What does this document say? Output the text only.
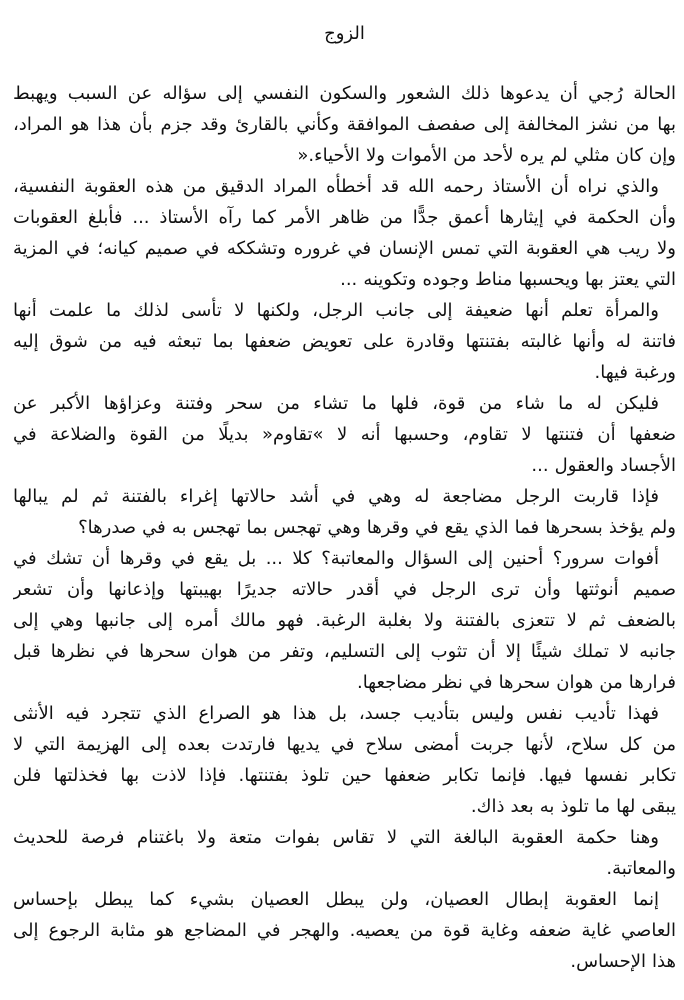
الزوج

الحالة رُجي أن يدعوها ذلك الشعور والسكون النفسي إلى سؤاله عن السبب ويهبط
بها من نشز المخالفة إلى صفصف الموافقة وكأني بالقارئ وقد جزم بأن هذا هو المراد،
وإن كان مثلي لم يره لأحد من الأموات ولا الأحياء.«

والذي نراه أن الأستاذ رحمه الله قد أخطأه المراد الدقيق من هذه العقوبة النفسية،
وأن الحكمة في إيثارها أعمق جدًّا من ظاهر الأمر كما رآه الأستاذ ... فأبلغ العقوبات
ولا ريب هي العقوبة التي تمس الإنسان في غروره وتشككه في صميم كيانه؛ في المزية
التي يعتز بها ويحسبها مناط وجوده وتكوينه ...

والمرأة تعلم أنها ضعيفة إلى جانب الرجل، ولكنها لا تأسى لذلك ما علمت أنها
فاتنة له وأنها غالبته بفتنتها وقادرة على تعويض ضعفها بما تبعثه فيه من شوق إليه
ورغبة فيها.

فليكن له ما شاء من قوة، فلها ما تشاء من سحر وفتنة وعزاؤها الأكبر عن
ضعفها أن فتنتها لا تقاوم، وحسبها أنه لا »تقاوم« بديلًا من القوة والضلاعة في
الأجساد والعقول ...

فإذا قاربت الرجل مضاجعة له وهي في أشد حالاتها إغراء بالفتنة ثم لم يبالها
ولم يؤخذ بسحرها فما الذي يقع في وقرها وهي تهجس بما تهجس به في صدرها؟

أفوات سرور؟ أحنين إلى السؤال والمعاتبة؟ كلا ... بل يقع في وقرها أن تشك في
صميم أنوثتها وأن ترى الرجل في أقدر حالاته جديرًا بهيبتها وإذعانها وأن تشعر
بالضعف ثم لا تتعزى بالفتنة ولا بغلبة الرغبة. فهو مالك أمره إلى جانبها وهي إلى
جانبه لا تملك شيئًا إلا أن تثوب إلى التسليم، وتفر من هوان سحرها في نظرها قبل
فرارها من هوان سحرها في نظر مضاجعها.

فهذا تأديب نفس وليس بتأديب جسد، بل هذا هو الصراع الذي تتجرد فيه الأنثى
من كل سلاح، لأنها جربت أمضى سلاح في يديها فارتدت بعده إلى الهزيمة التي لا
تكابر نفسها فيها. فإنما تكابر ضعفها حين تلوذ بفتنتها. فإذا لاذت بها فخذلتها فلن
يبقى لها ما تلوذ به بعد ذاك.

وهنا حكمة العقوبة البالغة التي لا تقاس بفوات متعة ولا باغتنام فرصة للحديث
والمعاتبة.

إنما العقوبة إبطال العصيان، ولن يبطل العصيان بشيء كما يبطل بإحساس
العاصي غاية ضعفه وغاية قوة من يعصيه. والهجر في المضاجع هو مثابة الرجوع إلى
هذا الإحساس.
